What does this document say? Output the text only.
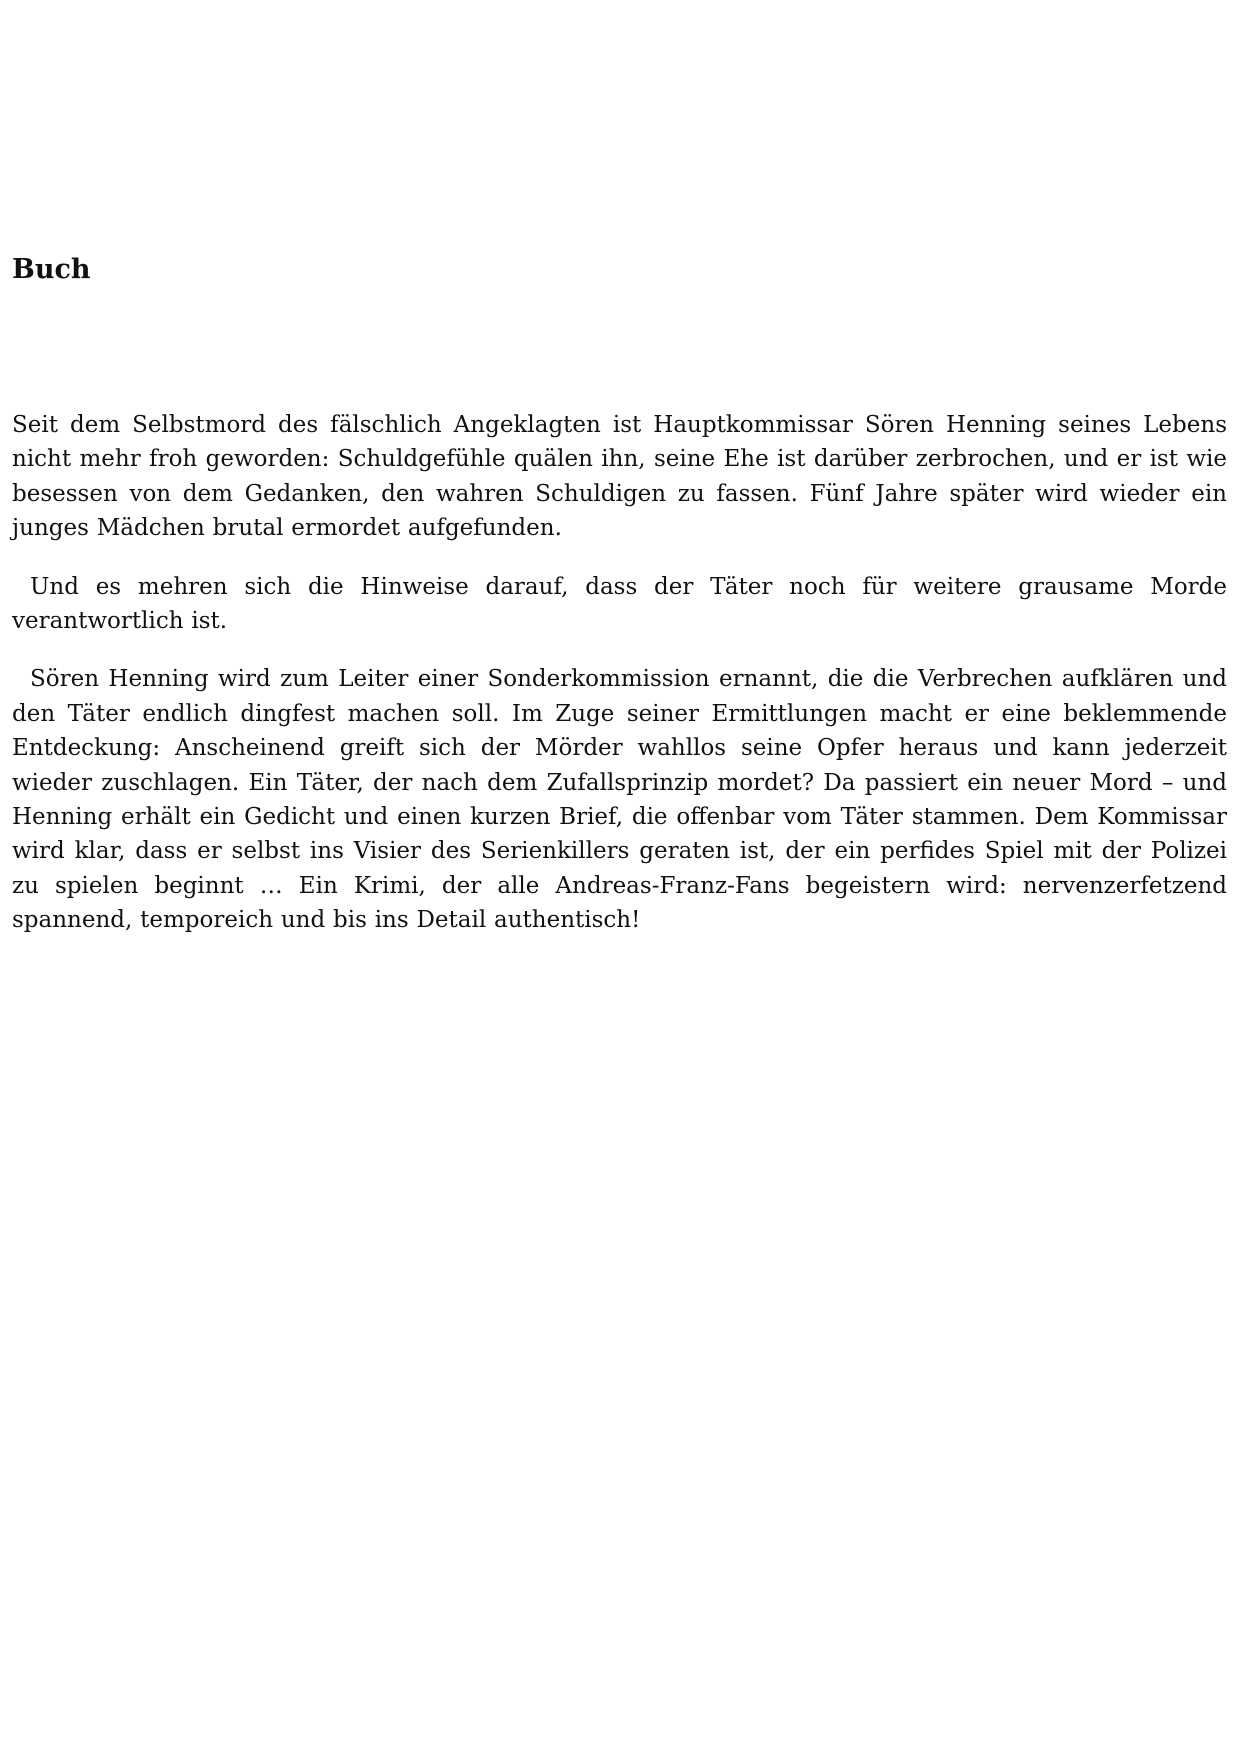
Buch

Seit dem Selbstmord des fälschlich Angeklagten ist Hauptkommissar Sören Henning seines Lebens nicht mehr froh geworden: Schuldgefühle quälen ihn, seine Ehe ist darüber zerbrochen, und er ist wie besessen von dem Gedanken, den wahren Schuldigen zu fassen. Fünf Jahre später wird wieder ein junges Mädchen brutal ermordet aufgefunden.

Und es mehren sich die Hinweise darauf, dass der Täter noch für weitere grausame Morde verantwortlich ist.

Sören Henning wird zum Leiter einer Sonderkommission ernannt, die die Verbrechen aufklären und den Täter endlich dingfest machen soll. Im Zuge seiner Ermittlungen macht er eine beklemmende Entdeckung: Anscheinend greift sich der Mörder wahllos seine Opfer heraus und kann jederzeit wieder zuschlagen. Ein Täter, der nach dem Zufallsprinzip mordet? Da passiert ein neuer Mord – und Henning erhält ein Gedicht und einen kurzen Brief, die offenbar vom Täter stammen. Dem Kommissar wird klar, dass er selbst ins Visier des Serienkillers geraten ist, der ein perfides Spiel mit der Polizei zu spielen beginnt … Ein Krimi, der alle Andreas-Franz-Fans begeistern wird: nervenzerfetzend spannend, temporeich und bis ins Detail authentisch!
